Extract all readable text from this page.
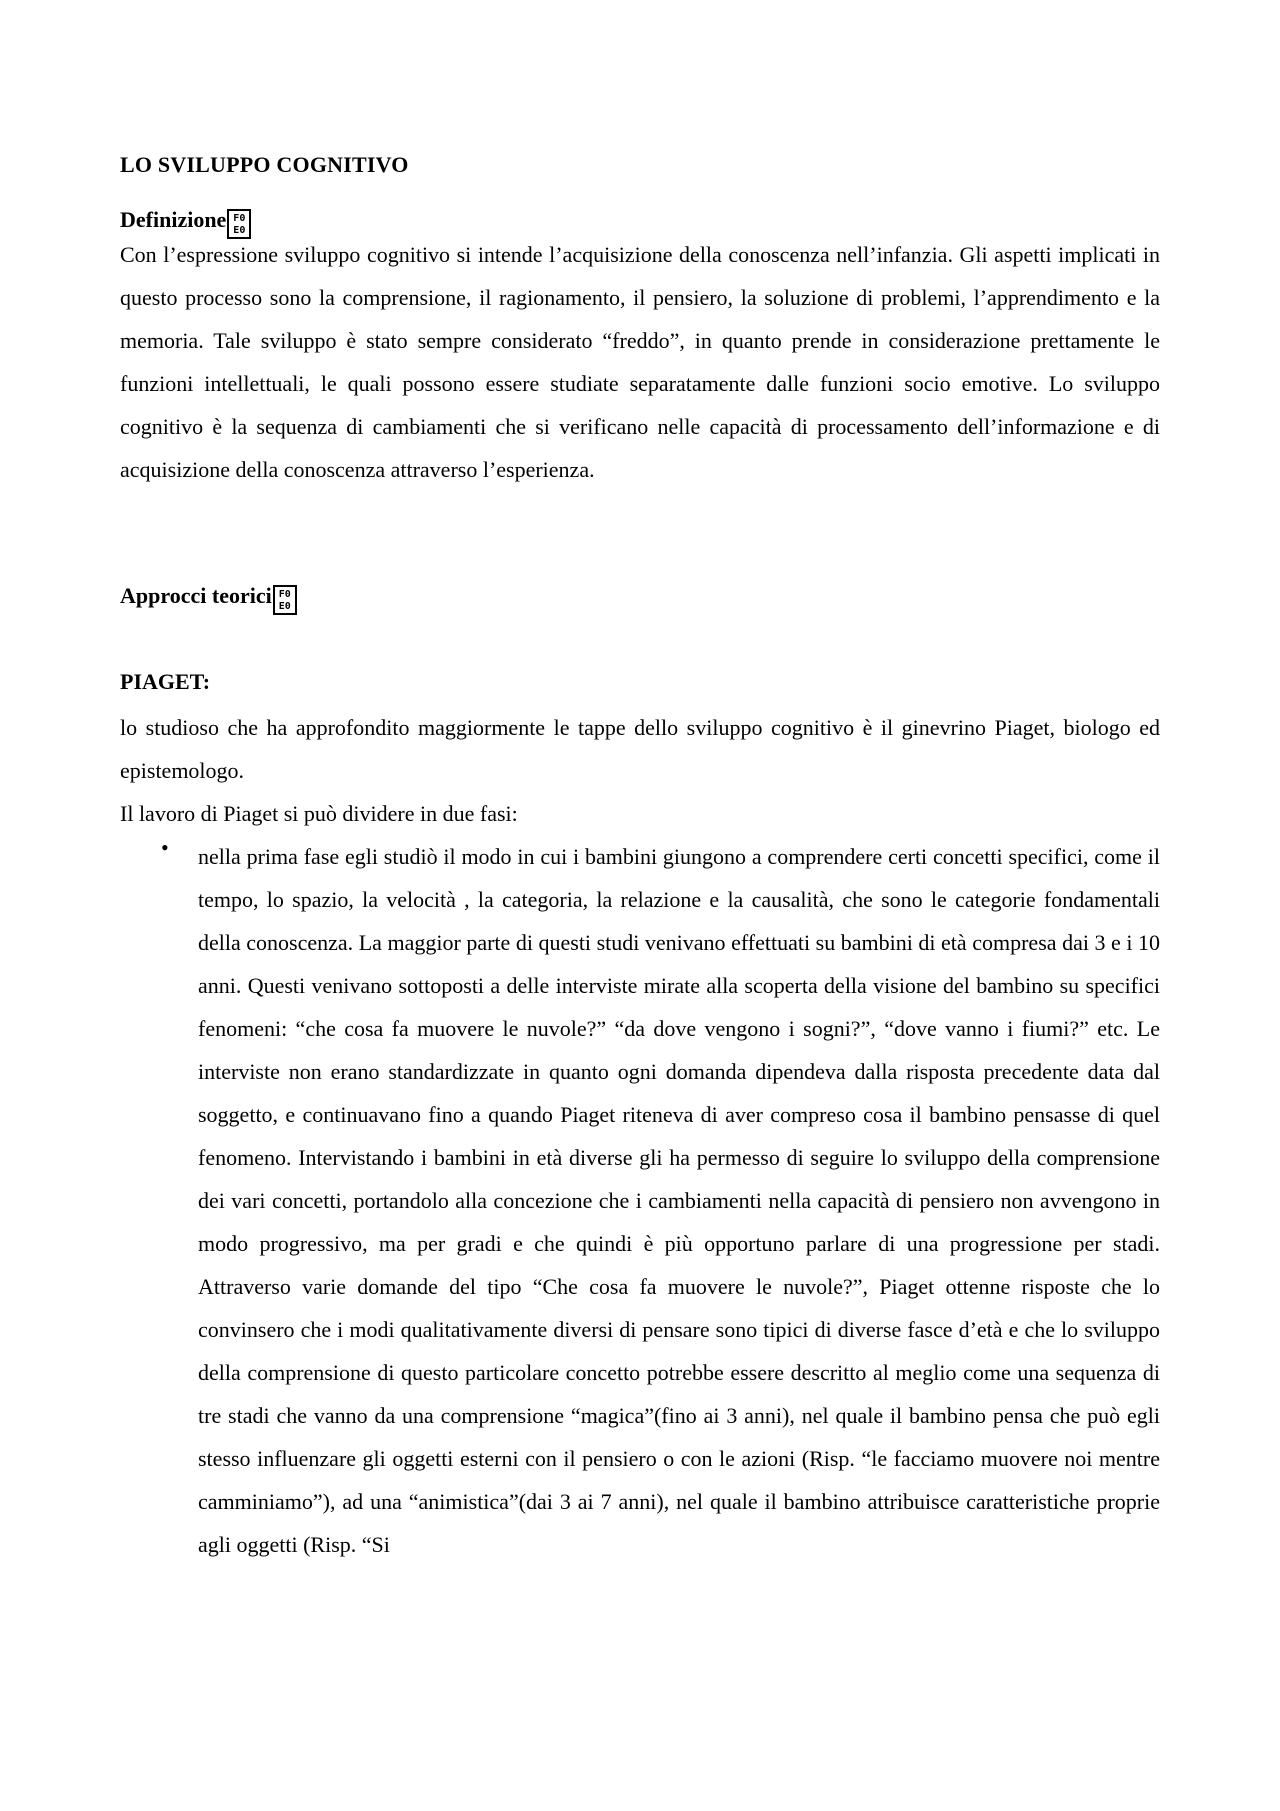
LO SVILUPPO COGNITIVO
Definizione F0
E0

Con l’espressione sviluppo cognitivo si intende l’acquisizione della conoscenza nell’infanzia. Gli aspetti implicati in questo processo sono la comprensione, il ragionamento, il pensiero, la soluzione di problemi, l’apprendimento e la memoria. Tale sviluppo è stato sempre considerato “freddo”, in quanto prende in considerazione prettamente le funzioni intellettuali, le quali possono essere studiate separatamente dalle funzioni socio emotive. Lo sviluppo cognitivo è la sequenza di cambiamenti che si verificano nelle capacità di processamento dell’informazione e di acquisizione della conoscenza attraverso l’esperienza.

Approcci teorici F0
E0
PIAGET:

lo studioso che ha approfondito maggiormente le tappe dello sviluppo cognitivo è il ginevrino Piaget, biologo ed epistemologo.

Il lavoro di Piaget si può dividere in due fasi:

• nella prima fase egli studiò il modo in cui i bambini giungono a comprendere certi concetti specifici, come il tempo, lo spazio, la velocità , la categoria, la relazione e la causalità, che sono le categorie fondamentali della conoscenza. La maggior parte di questi studi venivano effettuati su bambini di età compresa dai 3 e i 10 anni. Questi venivano sottoposti a delle interviste mirate alla scoperta della visione del bambino su specifici fenomeni: “che cosa fa muovere le nuvole?” “da dove vengono i sogni?”, “dove vanno i fiumi?” etc. Le interviste non erano standardizzate in quanto ogni domanda dipendeva dalla risposta precedente data dal soggetto, e continuavano fino a quando Piaget riteneva di aver compreso cosa il bambino pensasse di quel fenomeno. Intervistando i bambini in età diverse gli ha permesso di seguire lo sviluppo della comprensione dei vari concetti, portandolo alla concezione che i cambiamenti nella capacità di pensiero non avvengono in modo progressivo, ma per gradi e che quindi è più opportuno parlare di una progressione per stadi. Attraverso varie domande del tipo “Che cosa fa muovere le nuvole?”, Piaget ottenne risposte che lo convinsero che i modi qualitativamente diversi di pensare sono tipici di diverse fasce d’età e che lo sviluppo della comprensione di questo particolare concetto potrebbe essere descritto al meglio come una sequenza di tre stadi che vanno da una comprensione “magica”(fino ai 3 anni), nel quale il bambino pensa che può egli stesso influenzare gli oggetti esterni con il pensiero o con le azioni (Risp. “le facciamo muovere noi mentre camminiamo”), ad una “animistica”(dai 3 ai 7 anni), nel quale il bambino attribuisce caratteristiche proprie agli oggetti (Risp. “Si
